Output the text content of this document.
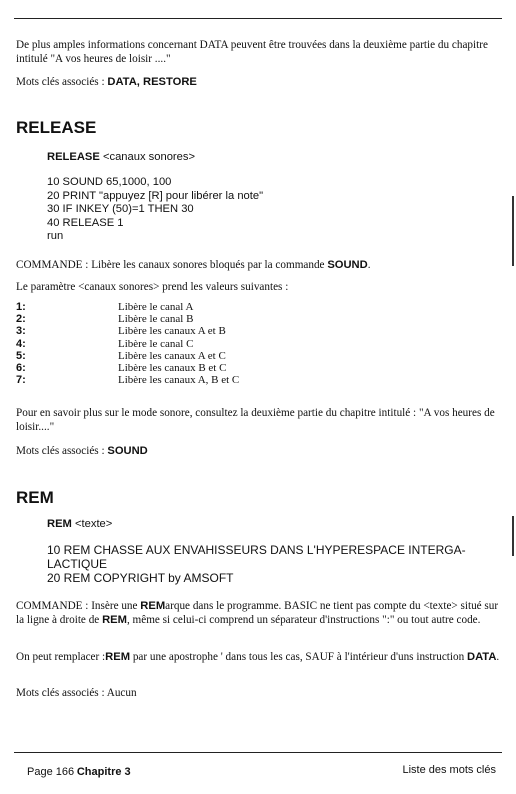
De plus amples informations concernant DATA peuvent être trouvées dans la deuxième partie du chapitre intitulé "A vos heures de loisir ...."
Mots clés associés : DATA, RESTORE
RELEASE
RELEASE <canaux sonores>
10 SOUND 65,1000, 100
20 PRINT "appuyez [R] pour libérer la note"
30 IF INKEY (50)=1 THEN 30
40 RELEASE 1
run
COMMANDE : Libère les canaux sonores bloqués par la commande SOUND.
Le paramètre <canaux sonores> prend les valeurs suivantes :
1:	Libère le canal A
2:	Libère le canal B
3:	Libère les canaux A et B
4:	Libère le canal C
5:	Libère les canaux A et C
6:	Libère les canaux B et C
7:	Libère les canaux A, B et C
Pour en savoir plus sur le mode sonore, consultez la deuxième partie du chapitre intitulé : "A vos heures de loisir...."
Mots clés associés : SOUND
REM
REM <texte>
10 REM CHASSE AUX ENVAHISSEURS DANS L'HYPERESPACE INTERGA-
LACTIQUE
20 REM COPYRIGHT by AMSOFT
COMMANDE : Insère une REMarque dans le programme. BASIC ne tient pas compte du <texte> situé sur la ligne à droite de REM, même si celui-ci comprend un séparateur d'instructions ":" ou tout autre code.
On peut remplacer :REM par une apostrophe ' dans tous les cas, SAUF à l'intérieur d'uns instruction DATA.
Mots clés associés : Aucun
Page 166 Chapitre 3	Liste des mots clés
